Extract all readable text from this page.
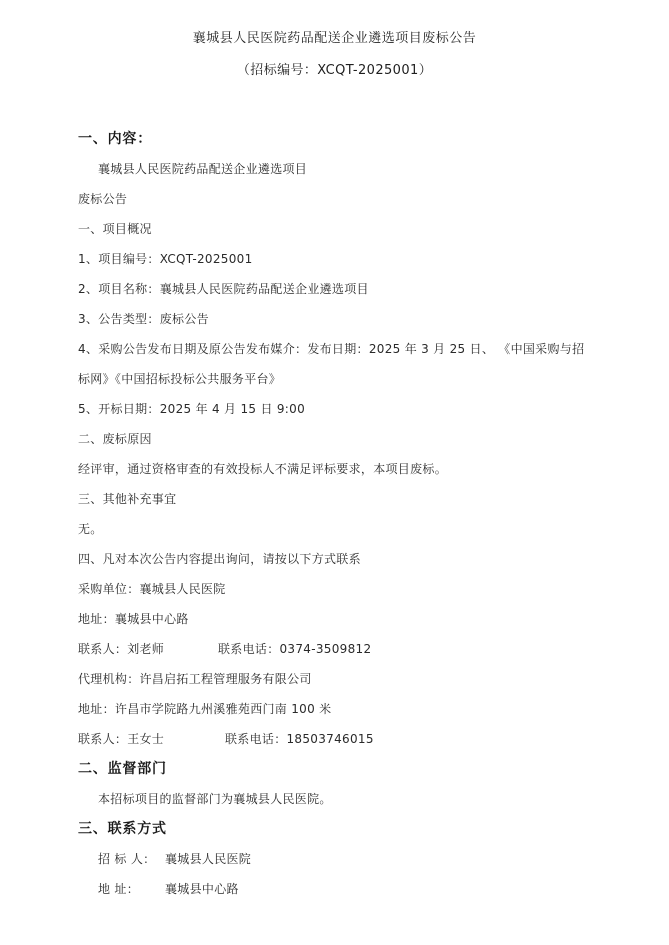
襄城县人民医院药品配送企业遴选项目废标公告
（招标编号：XCQT-2025001）
一、内容：
襄城县人民医院药品配送企业遴选项目
废标公告
一、项目概况
1、项目编号：XCQT-2025001
2、项目名称：襄城县人民医院药品配送企业遴选项目
3、公告类型：废标公告
4、采购公告发布日期及原公告发布媒介：发布日期：2025 年 3 月 25 日、 《中国采购与招
标网》《中国招标投标公共服务平台》
5、开标日期：2025 年 4 月 15 日 9:00
二、废标原因
经评审，通过资格审查的有效投标人不满足评标要求，本项目废标。
三、其他补充事宜
无。
四、凡对本次公告内容提出询问，请按以下方式联系
采购单位：襄城县人民医院
地址：襄城县中心路
联系人：刘老师	联系电话：0374-3509812
代理机构：许昌启拓工程管理服务有限公司
地址：许昌市学院路九州溪雅苑西门南 100 米
联系人：王女士	联系电话：18503746015
二、监督部门
本招标项目的监督部门为襄城县人民医院。
三、联系方式
招 标 人： 襄城县人民医院
地 址： 襄城县中心路
